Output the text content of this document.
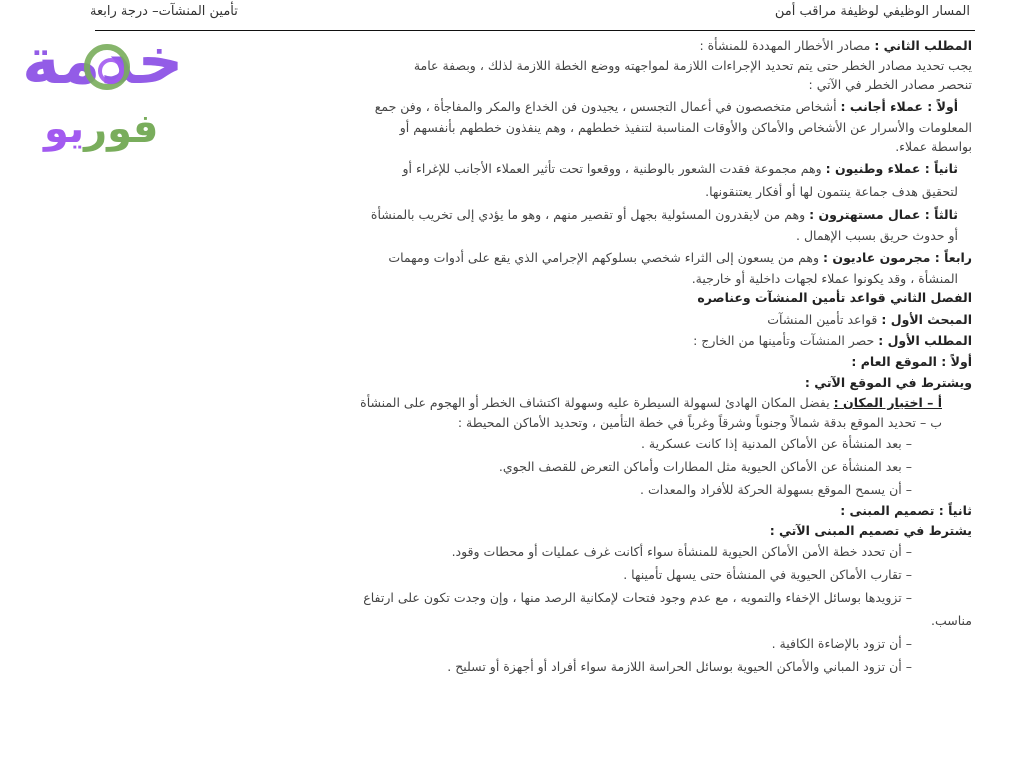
المسار الوظيفي لوظيفة مراقب أمن
تأمين المنشآت– درجة رابعة
المطلب الثاني : مصادر الأخطار المهددة للمنشأة :
يجب تحديد مصادر الخطر حتى يتم تحديد الإجراءات اللازمة لمواجهته ووضع الخطة اللازمة لذلك ، وبصفة عامة
تنحصر مصادر الخطر في الآتي :
أولاً : عملاء أجانب : أشخاص متخصصون في أعمال التجسس ، يجيدون فن الخداع والمكر والمفاجأة ، وفن جمع
المعلومات والأسرار عن الأشخاص والأماكن والأوقات المناسبة لتنفيذ خططهم ، وهم ينفذون خططهم بأنفسهم أو
بواسطة عملاء.
ثانياً : عملاء وطنيون : وهم مجموعة فقدت الشعور بالوطنية ، ووقعوا تحت تأثير العملاء الأجانب للإغراء أو
لتحقيق هدف جماعة ينتمون لها أو أفكار يعتنقونها.
ثالثاً : عمال مستهترون : وهم من لايقدرون المسئولية بجهل أو تقصير منهم ، وهو ما يؤدي إلى تخريب بالمنشأة
أو حدوث حريق بسبب الإهمال .
رابعاً : مجرمون عاديون : وهم من يسعون إلى الثراء شخصي بسلوكهم الإجرامي الذي يقع على أدوات ومهمات
المنشأة ، وقد يكونوا عملاء لجهات داخلية أو خارجية.
الفصل الثاني قواعد تأمين المنشآت وعناصره
المبحث الأول : قواعد تأمين المنشآت
المطلب الأول : حصر المنشآت وتأمينها من الخارج :
أولاً : الموقع العام :
ويشترط في الموقع الآتي :
أ – اختيار المكان : يفضل المكان الهادئ لسهولة السيطرة عليه وسهولة اكتشاف الخطر أو الهجوم على المنشأة
ب – تحديد الموقع بدقة شمالاً وجنوباً وشرقاً وغرباً في خطة التأمين ، وتحديد الأماكن المحيطة :
– بعد المنشأة عن الأماكن المدنية إذا كانت عسكرية .
– بعد المنشأة عن الأماكن الحيوية مثل المطارات وأماكن التعرض للقصف الجوي.
– أن يسمح الموقع بسهولة الحركة للأفراد والمعدات .
ثانياً : تصميم المبنى :
يشترط في تصميم المبنى الآتي :
– أن تحدد خطة الأمن الأماكن الحيوية للمنشأة سواء أكانت غرف عمليات أو محطات وقود.
– تقارب الأماكن الحيوية في المنشأة حتى يسهل تأمينها .
– تزويدها بوسائل الإخفاء والتمويه ، مع عدم وجود فتحات لإمكانية الرصد منها ، وإن وجدت تكون على ارتفاع
مناسب.
– أن تزود بالإضاءة الكافية .
– أن تزود المباني والأماكن الحيوية بوسائل الحراسة اللازمة سواء أفراد أو أجهزة أو تسليح .
خدمة
فوريو
